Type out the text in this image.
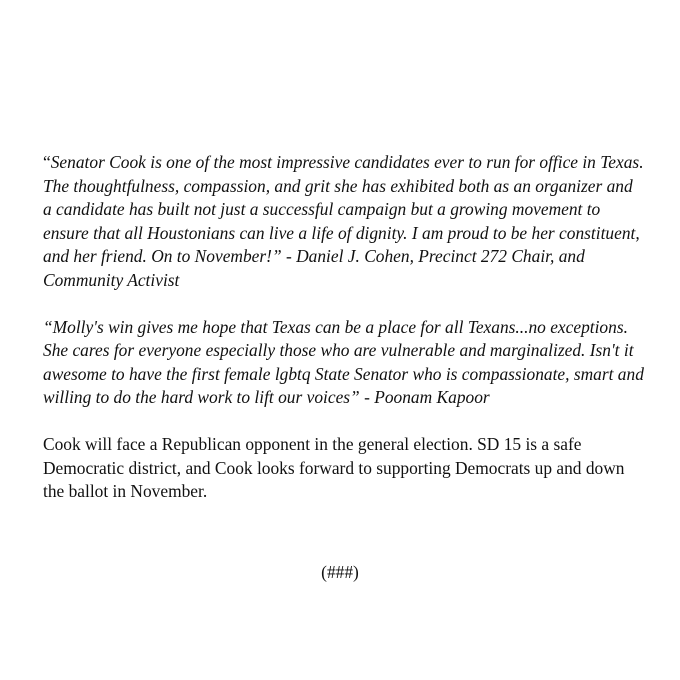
“Senator Cook is one of the most impressive candidates ever to run for office in Texas. The thoughtfulness, compassion, and grit she has exhibited both as an organizer and a candidate has built not just a successful campaign but a growing movement to ensure that all Houstonians can live a life of dignity. I am proud to be her constituent, and her friend. On to November!” - Daniel J. Cohen, Precinct 272 Chair, and Community Activist

“Molly's win gives me hope that Texas can be a place for all Texans...no exceptions. She cares for everyone especially those who are vulnerable and marginalized. Isn't it awesome to have the first female lgbtq State Senator who is compassionate, smart and willing to do the hard work to lift our voices” - Poonam Kapoor

Cook will face a Republican opponent in the general election. SD 15 is a safe Democratic district, and Cook looks forward to supporting Democrats up and down the ballot in November.

(###)
